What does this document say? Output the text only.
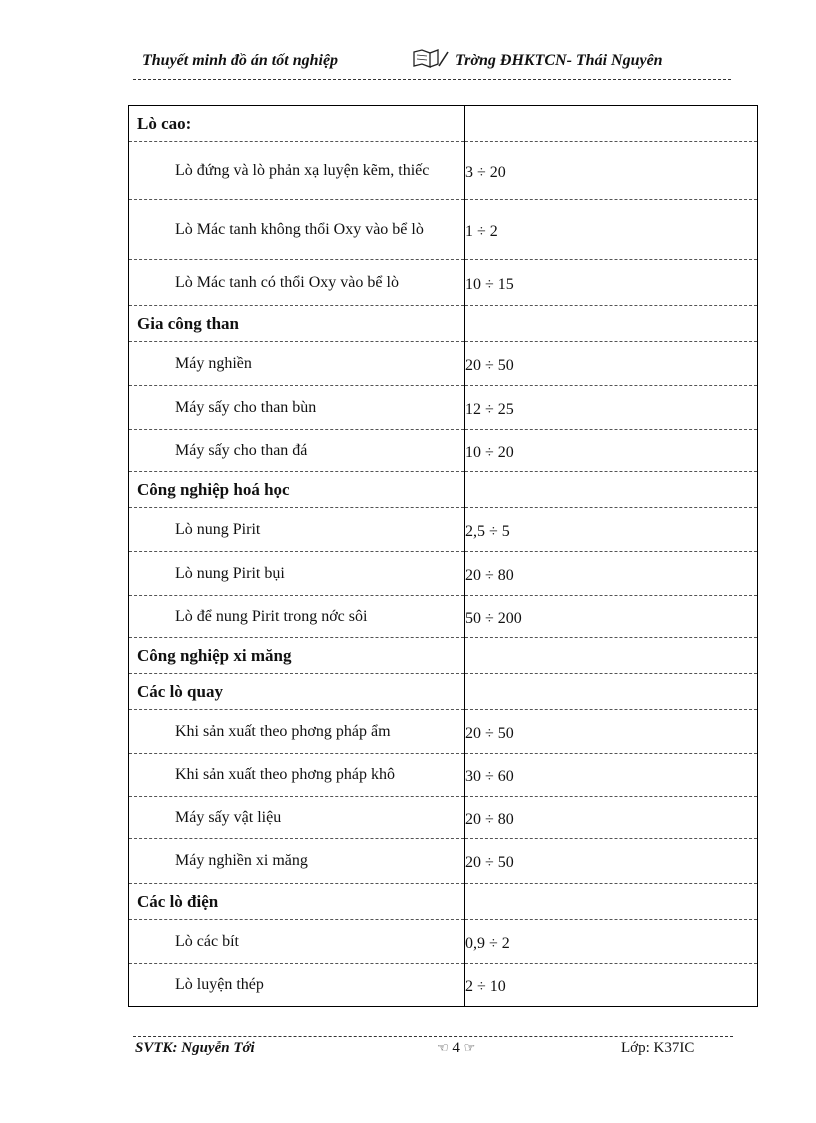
Thuyết minh đồ án tốt nghiệp	Trờng ĐHKTCN- Thái Nguyên
Lò cao:	
Lò đứng và lò phản xạ luyện kẽm, thiếc	3 ÷ 20
Lò Mác tanh không thổi Oxy vào bể lò	1 ÷ 2
Lò Mác tanh có thổi Oxy vào bể lò	10 ÷ 15
Gia công than	
Máy nghiền	20 ÷ 50
Máy sấy cho than bùn	12 ÷ 25
Máy sấy cho than đá	10 ÷ 20
Công nghiệp hoá học	
Lò nung Pirit	2,5 ÷ 5
Lò nung Pirit bụi	20 ÷ 80
Lò để nung Pirit trong nớc sôi	50 ÷ 200
Công nghiệp xi măng	
Các lò quay	
Khi sản xuất theo phơng pháp ẩm	20 ÷ 50
Khi sản xuất theo phơng pháp khô	30 ÷ 60
Máy sấy vật liệu	20 ÷ 80
Máy nghiền xi măng	20 ÷ 50
Các lò điện	
Lò các bít	0,9 ÷ 2
Lò luyện thép	2 ÷ 10
SVTK: Nguyễn Tới	☜ 4 ☞	Lớp: K37IC
